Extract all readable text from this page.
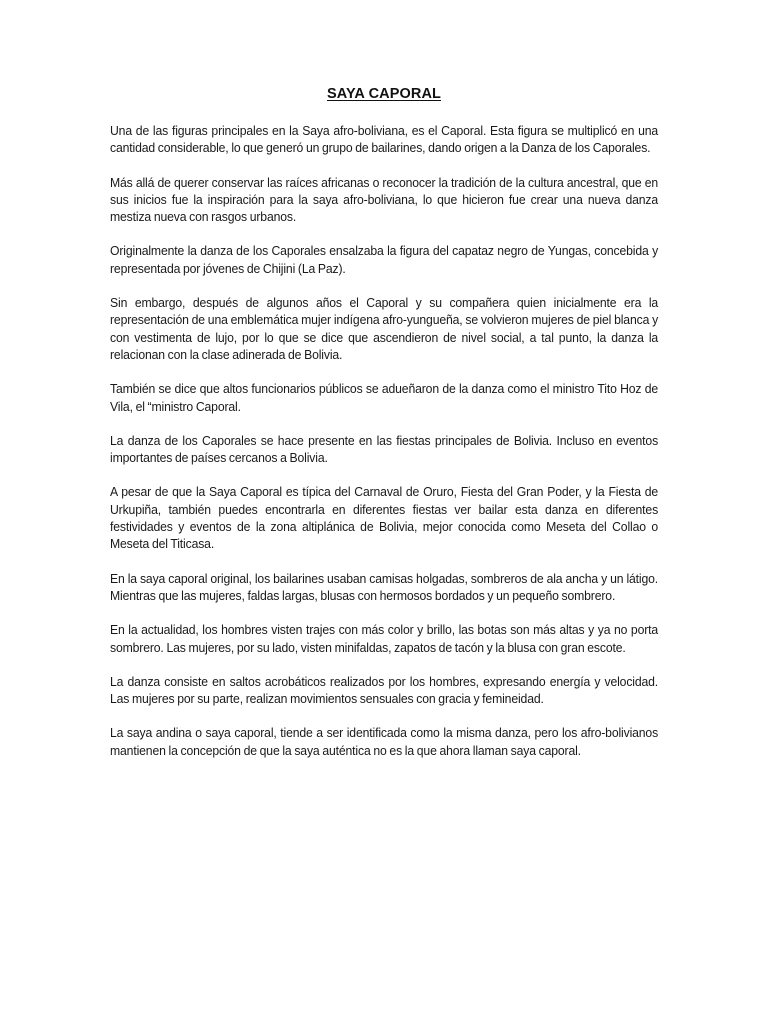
SAYA CAPORAL

Una de las figuras principales en la Saya afro-boliviana, es el Caporal. Esta figura se multiplicó en una cantidad considerable, lo que generó un grupo de bailarines, dando origen a la Danza de los Caporales.

Más allá de querer conservar las raíces africanas o reconocer la tradición de la cultura ancestral, que en sus inicios fue la inspiración para la saya afro-boliviana, lo que hicieron fue crear una nueva danza mestiza nueva con rasgos urbanos.

Originalmente la danza de los Caporales ensalzaba la figura del capataz negro de Yungas, concebida y representada por jóvenes de Chijini (La Paz).

Sin embargo, después de algunos años el Caporal y su compañera quien inicialmente era la representación de una emblemática mujer indígena afro-yungueña, se volvieron mujeres de piel blanca y con vestimenta de lujo, por lo que se dice que ascendieron de nivel social, a tal punto, la danza la relacionan con la clase adinerada de Bolivia.

También se dice que altos funcionarios públicos se adueñaron de la danza como el ministro Tito Hoz de Vila, el “ministro Caporal.

La danza de los Caporales se hace presente en las fiestas principales de Bolivia. Incluso en eventos importantes de países cercanos a Bolivia.

A pesar de que la Saya Caporal es típica del Carnaval de Oruro, Fiesta del Gran Poder, y la Fiesta de Urkupiña, también puedes encontrarla en diferentes fiestas ver bailar esta danza en diferentes festividades y eventos de la zona altiplánica de Bolivia, mejor conocida como Meseta del Collao o Meseta del Titicasa.

En la saya caporal original, los bailarines usaban camisas holgadas, sombreros de ala ancha y un látigo. Mientras que las mujeres, faldas largas, blusas con hermosos bordados y un pequeño sombrero.

En la actualidad, los hombres visten trajes con más color y brillo, las botas son más altas y ya no porta sombrero. Las mujeres, por su lado, visten minifaldas, zapatos de tacón y la blusa con gran escote.

La danza consiste en saltos acrobáticos realizados por los hombres, expresando energía y velocidad. Las mujeres por su parte, realizan movimientos sensuales con gracia y femineidad.

La saya andina o saya caporal, tiende a ser identificada como la misma danza, pero los afro-bolivianos mantienen la concepción de que la saya auténtica no es la que ahora llaman saya caporal.
